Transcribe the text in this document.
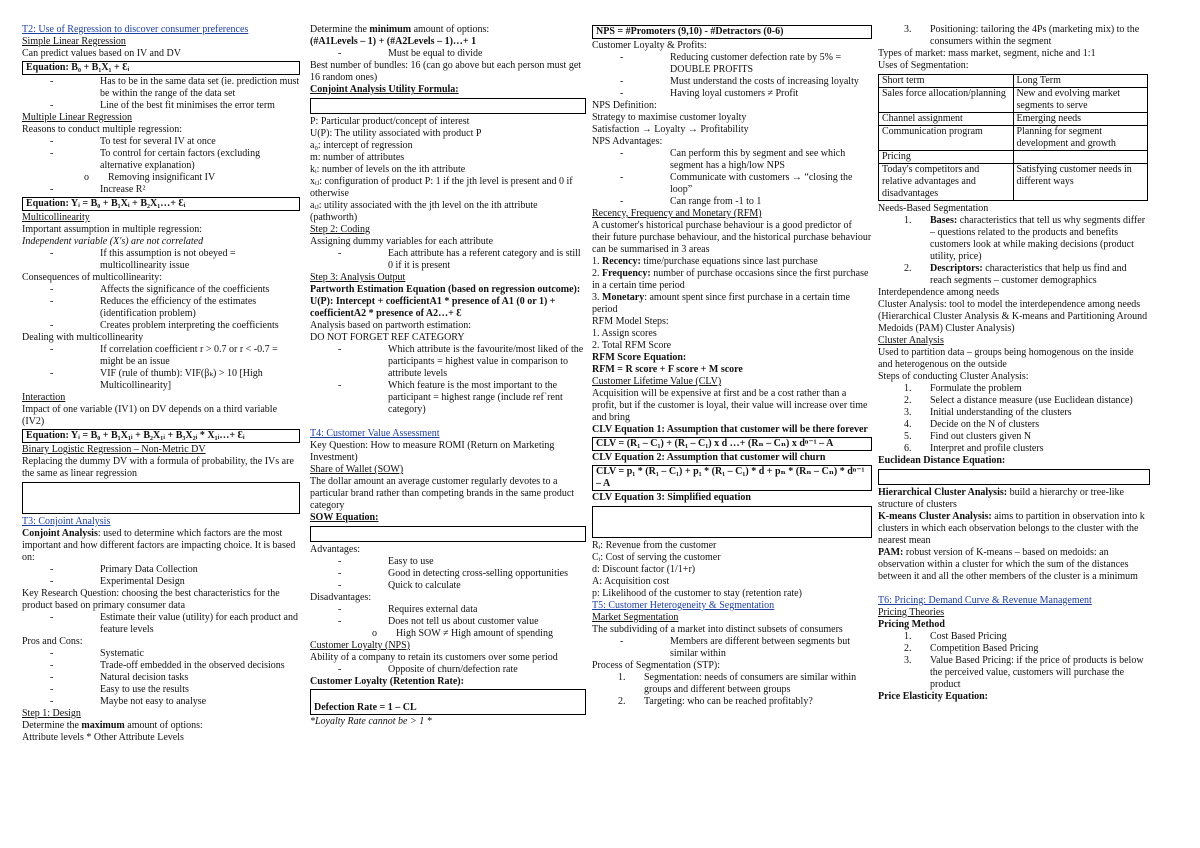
T2: Use of Regression to discover consumer preferences
Simple Linear Regression
Can predict values based on IV and DV
Equation: B₀ + B₁X₁ + Ɛᵢ
-	Has to be in the same data set (ie. prediction must be within the range of the data set
-	Line of the best fit minimises the error term
Multiple Linear Regression
Reasons to conduct multiple regression:
-	To test for several IV at once
-	To control for certain factors (excluding alternative explanation)
o	Removing insignificant IV
-	Increase R²
Equation: Yᵢ = B₀ + B₁Xᵢ + B₂X₁…+ Ɛᵢ
Multicollinearity
Important assumption in multiple regression:
Independent variable (X's) are not correlated
-	If this assumption is not obeyed = multicollinearity issue
Consequences of multicollinearity:
-	Affects the significance of the coefficients
-	Reduces the efficiency of the estimates (identification problem)
-	Creates problem interpreting the coefficients
Dealing with multicollinearity
-	If correlation coefficient r > 0.7 or r < -0.7 = might be an issue
-	VIF (rule of thumb): VIF(βₖ) > 10 [High Multicollinearity]
Interaction
Impact of one variable (IV1) on DV depends on a third variable (IV2)
Equation: Yᵢ = B₀ + B₁X₁ᵢ + B₂X₁ᵢ + B₃X₂ᵢ * X₁ᵢ…+ Ɛᵢ
Binary Logistic Regression – Non-Metric DV
Replacing the dummy DV with a formula of probability, the IVs are the same as linear regression
T3: Conjoint Analysis
Conjoint Analysis: used to determine which factors are the most important and how different factors are impacting choice. It is based on:
-	Primary Data Collection
-	Experimental Design
Key Research Question: choosing the best characteristics for the product based on primary consumer data
-	Estimate their value (utility) for each product and feature levels
Pros and Cons:
-	Systematic
-	Trade-off embedded in the observed decisions
-	Natural decision tasks
-	Easy to use the results
-	Maybe not easy to analyse
Step 1: Design
Determine the maximum amount of options:
Attribute levels * Other Attribute Levels
Determine the minimum amount of options:
(#A1Levels – 1) + (#A2Levels – 1)…+ 1
-	Must be equal to divide
Best number of bundles: 16 (can go above but each person must get 16 random ones)
Conjoint Analysis Utility Formula:
P: Particular product/concept of interest
U(P): The utility associated with product P
a₀: intercept of regression
m: number of attributes
kᵢ: number of levels on the ith attribute
xᵢⱼ: configuration of product P: 1 if the jth level is present and 0 if otherwise
aᵢⱼ: utility associated with the jth level on the ith attribute (pathworth)
Step 2: Coding
Assigning dummy variables for each attribute
-	Each attribute has a referent category and is still 0 if it is present
Step 3: Analysis Output
Partworth Estimation Equation (based on regression outcome):
U(P): Intercept + coefficientA1 * presence of A1 (0 or 1) + coefficientA2 * presence of A2…+ Ɛ
Analysis based on partworth estimation:
DO NOT FORGET REF CATEGORY
-	Which attribute is the favourite/most liked of the participants = highest value in comparison to attribute levels
-	Which feature is the most important to the participant = highest range (include ref`rent category)
T4: Customer Value Assessment
Key Question: How to measure ROMI (Return on Marketing Investment)
Share of Wallet (SOW)
The dollar amount an average customer regularly devotes to a particular brand rather than competing brands in the same product category
SOW Equation:
Advantages:
-	Easy to use
-	Good in detecting cross-selling opportunities
-	Quick to calculate
Disadvantages:
-	Requires external data
-	Does not tell us about customer value
o	High SOW ≠ High amount of spending
Customer Loyalty (NPS)
Ability of a company to retain its customers over some period
-	Opposite of churn/defection rate
Customer Loyalty (Retention Rate):
Defection Rate = 1 – CL
*Loyalty Rate cannot be > 1 *
NPS = #Promoters (9,10) - #Detractors (0-6)
Customer Loyalty & Profits:
-	Reducing customer defection rate by 5% = DOUBLE PROFITS
-	Must understand the costs of increasing loyalty
-	Having loyal customers ≠ Profit
NPS Definition:
Strategy to maximise customer loyalty
Satisfaction → Loyalty → Profitability
NPS Advantages:
-	Can perform this by segment and see which segment has a high/low NPS
-	Communicate with customers → “closing the loop”
-	Can range from -1 to 1
Recency, Frequency and Monetary (RFM)
A customer's historical purchase behaviour is a good predictor of their future purchase behaviour, and the historical purchase behaviour can be summarised in 3 areas
1. Recency: time/purchase equations since last purchase
2. Frequency: number of purchase occasions since the first purchase in a certain time period
3. Monetary: amount spent since first purchase in a certain time period
RFM Model Steps:
1. Assign scores
2. Total RFM Score
RFM Score Equation:
RFM = R score + F score + M score
Customer Lifetime Value (CLV)
Acquisition will be expensive at first and be a cost rather than a profit, but if the customer is loyal, their value will increase over time and bring
CLV Equation 1: Assumption that customer will be there forever
CLV = (R₁ – C₁) + (R₁ – C₁) x d …+ (Rₙ – Cₙ) x dⁿ⁻¹ – A
CLV Equation 2: Assumption that customer will churn
CLV = p₁ * (R₁ – C₁) + p₁ * (R₁ – C₁) * d + pₙ * (Rₙ – Cₙ) * dⁿ⁻¹ – A
CLV Equation 3: Simplified equation
Rᵢ: Revenue from the customer
Cᵢ: Cost of serving the customer
d: Discount factor (1/1+r)
A: Acquisition cost
p: Likelihood of the customer to stay (retention rate)
T5: Customer Heterogeneity & Segmentation
Market Segmentation
The subdividing of a market into distinct subsets of consumers
-	Members are different between segments but similar within
Process of Segmentation (STP):
1.	Segmentation: needs of consumers are similar within groups and different between groups
2.	Targeting: who can be reached profitably?
3.	Positioning: tailoring the 4Ps (marketing mix) to the consumers within the segment
Types of market: mass market, segment, niche and 1:1
Uses of Segmentation:
Short term	Long Term
Sales force allocation/planning	New and evolving market segments to serve
Channel assignment	Emerging needs
Communication program	Planning for segment development and growth
Pricing	
Today's competitors and relative advantages and disadvantages	Satisfying customer needs in different ways
Needs-Based Segmentation
1.	Bases: characteristics that tell us why segments differ – questions related to the products and benefits customers look at while making decisions (product utility, price)
2.	Descriptors: characteristics that help us find and reach segments – customer demographics
Interdependence among needs
Cluster Analysis: tool to model the interdependence among needs (Hierarchical Cluster Analysis & K-means and Partitioning Around Medoids (PAM) Cluster Analysis)
Cluster Analysis
Used to partition data – groups being homogenous on the inside and heterogenous on the outside
Steps of conducting Cluster Analysis:
1.	Formulate the problem
2.	Select a distance measure (use Euclidean distance)
3.	Initial understanding of the clusters
4.	Decide on the N of clusters
5.	Find out clusters given N
6.	Interpret and profile clusters
Euclidean Distance Equation:
Hierarchical Cluster Analysis: build a hierarchy or tree-like structure of clusters
K-means Cluster Analysis: aims to partition in observation into k clusters in which each observation belongs to the cluster with the nearest mean
PAM: robust version of K-means – based on medoids: an observation within a cluster for which the sum of the distances between it and all the other members of the cluster is a minimum
T6: Pricing: Demand Curve & Revenue Management
Pricing Theories
Pricing Method
1.	Cost Based Pricing
2.	Competition Based Pricing
3.	Value Based Pricing: if the price of products is below the perceived value, customers will purchase the product
Price Elasticity Equation:
